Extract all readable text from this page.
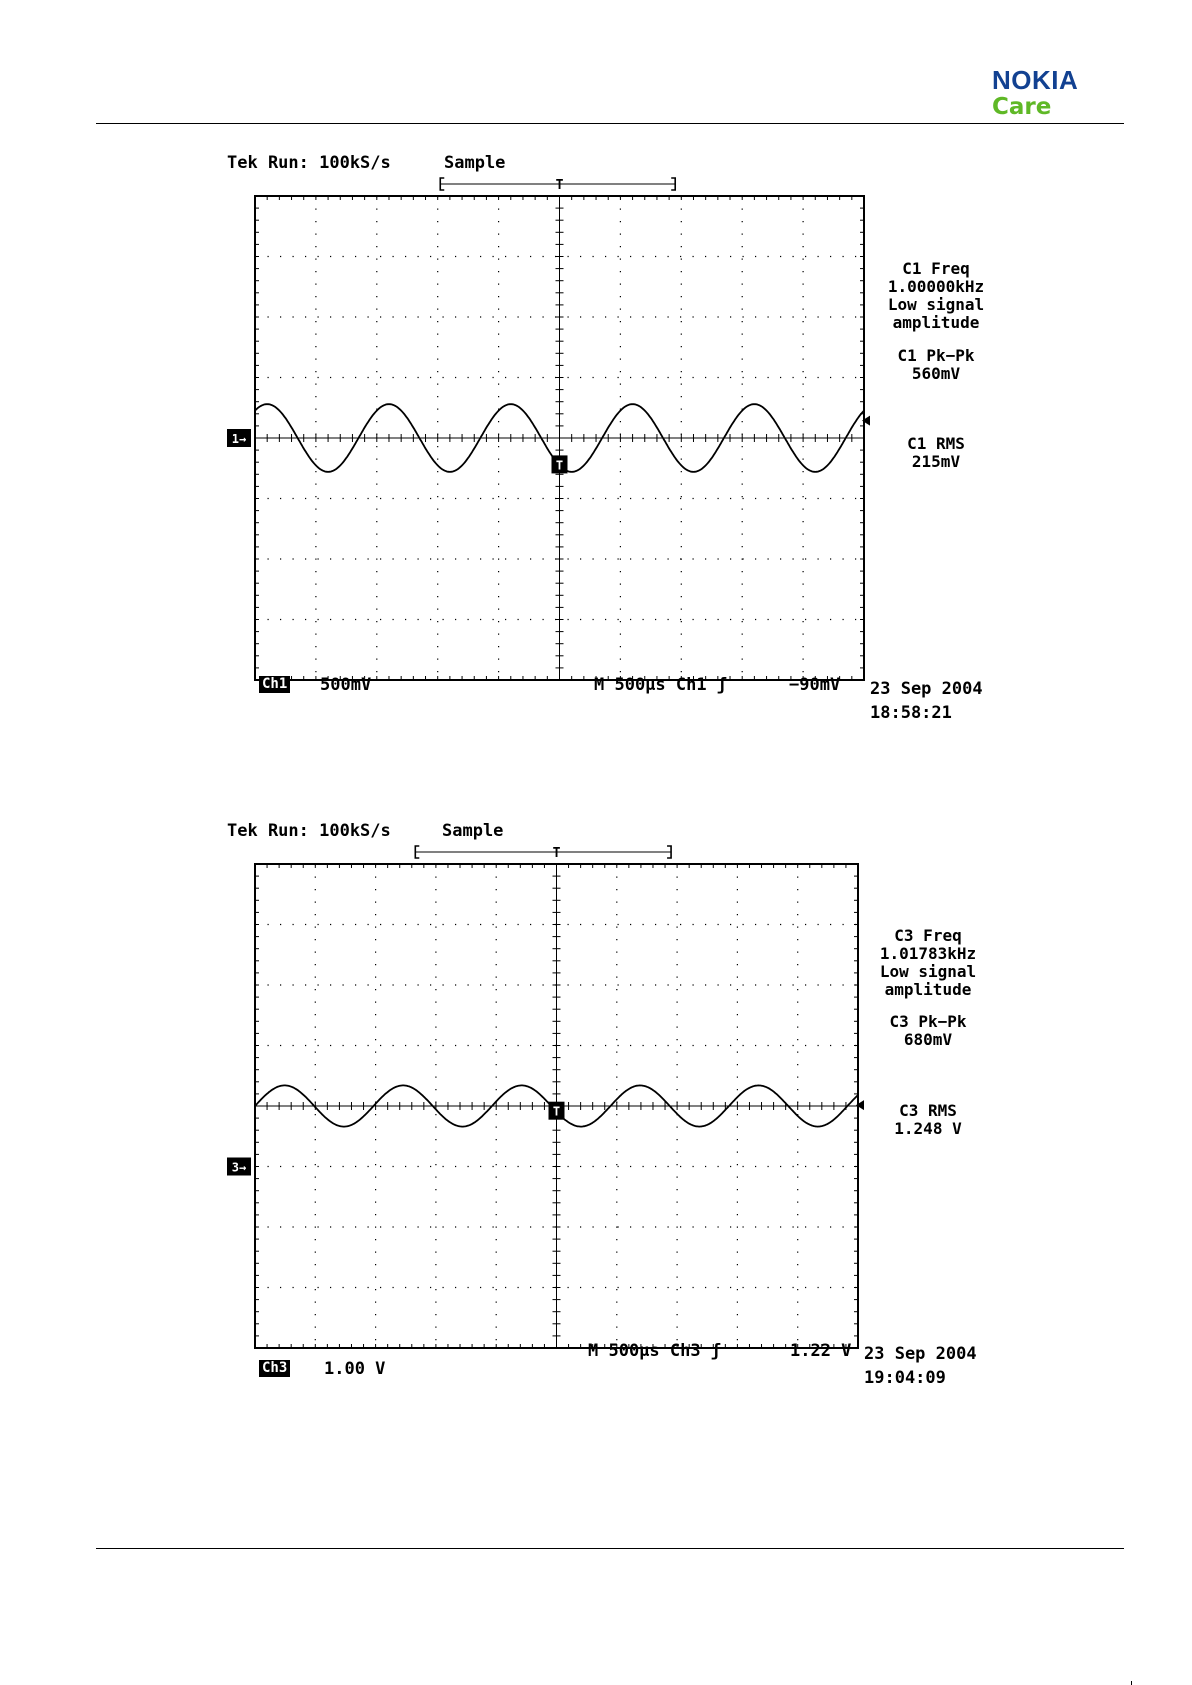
NOKIA
Care
Tek Run: 100kS/s	Sample
T
1→
T
C1 Freq
1.00000kHz
Low signal
amplitude
C1 Pk−Pk
560mV
C1 RMS
215mV
Ch1 500mV	M 500µs Ch1 ʃ	−90mV 23 Sep 2004
18:58:21
Tek Run: 100kS/s	Sample
T
3→
T
C3 Freq
1.01783kHz
Low signal
amplitude
C3 Pk−Pk
680mV
C3 RMS
1.248 V
M 500µs Ch3 ʃ	1.22 V 23 Sep 2004
19:04:09
Ch3 1.00 V
